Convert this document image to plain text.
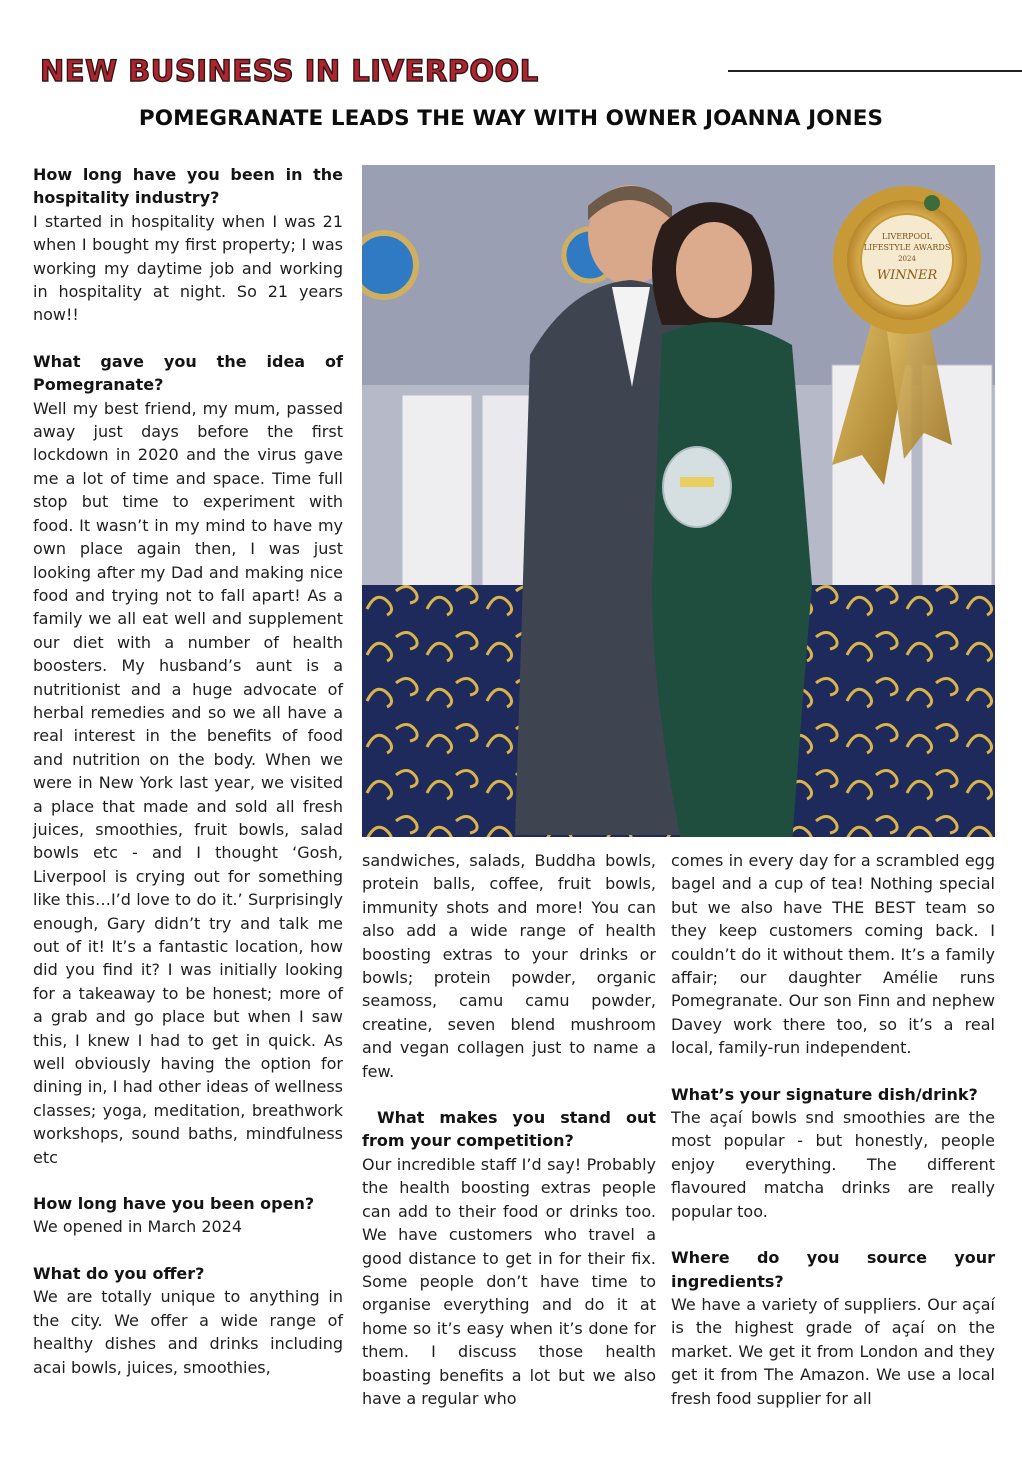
NEW BUSINESS IN LIVERPOOL
POMEGRANATE LEADS THE WAY WITH OWNER JOANNA JONES
How long have you been in the hospitality industry?

I started in hospitality when I was 21 when I bought my first property; I was working my daytime job and working in hospitality at night. So 21 years now!!

What gave you the idea of Pomegranate?

Well my best friend, my mum, passed away just days before the first lockdown in 2020 and the virus gave me a lot of time and space. Time full stop but time to experiment with food. It wasn’t in my mind to have my own place again then, I was just looking after my Dad and making nice food and trying not to fall apart! As a family we all eat well and supplement our diet with a number of health boosters. My husband’s aunt is a nutritionist and a huge advocate of herbal remedies and so we all have a real interest in the benefits of food and nutrition on the body. When we were in New York last year, we visited a place that made and sold all fresh juices, smoothies, fruit bowls, salad bowls etc - and I thought ‘Gosh, Liverpool is crying out for something like this…I’d love to do it.’ Surprisingly enough, Gary didn’t try and talk me out of it! It’s a fantastic location, how did you find it? I was initially looking for a takeaway to be honest; more of a grab and go place but when I saw this, I knew I had to get in quick. As well obviously having the option for dining in, I had other ideas of wellness classes; yoga, meditation, breathwork workshops, sound baths, mindfulness etc

How long have you been open?

We opened in March 2024

What do you offer?

We are totally unique to anything in the city. We offer a wide range of healthy dishes and drinks including acai bowls, juices, smoothies,

LIVERPOOL
LIFESTYLE AWARDS
2024
WINNER

sandwiches, salads, Buddha bowls, protein balls, coffee, fruit bowls, immunity shots and more! You can also add a wide range of health boosting extras to your drinks or bowls; protein powder, organic seamoss, camu camu powder, creatine, seven blend mushroom and vegan collagen just to name a few.

What makes you stand out from your competition?

Our incredible staff I’d say! Probably the health boosting extras people can add to their food or drinks too. We have customers who travel a good distance to get in for their fix. Some people don’t have time to organise everything and do it at home so it’s easy when it’s done for them. I discuss those health boasting benefits a lot but we also have a regular who

comes in every day for a scrambled egg bagel and a cup of tea! Nothing special but we also have THE BEST team so they keep customers coming back. I couldn’t do it without them. It’s a family affair; our daughter Amélie runs Pomegranate. Our son Finn and nephew Davey work there too, so it’s a real local, family-run independent.

What’s your signature dish/drink?

The açaí bowls snd smoothies are the most popular - but honestly, people enjoy everything. The different flavoured matcha drinks are really popular too.

Where do you source your ingredients?

We have a variety of suppliers. Our açaí is the highest grade of açaí on the market. We get it from London and they get it from The Amazon. We use a local fresh food supplier for all
